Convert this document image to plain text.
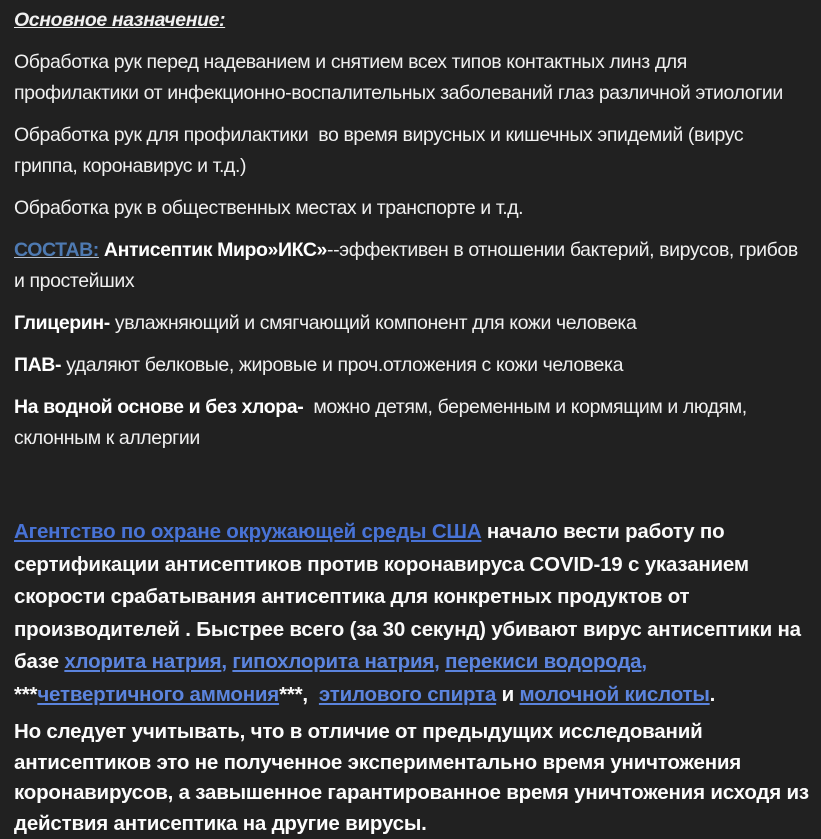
Основное назначение:

Обработка рук перед надеванием и снятием всех типов контактных линз для профилактики от инфекционно-воспалительных заболеваний глаз различной этиологии

Обработка рук для профилактики  во время вирусных и кишечных эпидемий (вирус гриппа, коронавирус и т.д.)

Обработка рук в общественных местах и транспорте и т.д.

СОСТАВ: Антисептик Миро»ИКС»--эффективен в отношении бактерий, вирусов, грибов и простейших

Глицерин- увлажняющий и смягчающий компонент для кожи человека

ПАВ- удаляют белковые, жировые и проч.отложения с кожи человека

На водной основе и без хлора-  можно детям, беременным и кормящим и людям, склонным к аллергии

Агентство по охране окружающей среды США начало вести работу по сертификации антисептиков против коронавируса COVID-19 с указанием скорости срабатывания антисептика для конкретных продуктов от производителей . Быстрее всего (за 30 секунд) убивают вирус антисептики на базе хлорита натрия, гипохлорита натрия, перекиси водорода, ***четвертичного аммония***,  этилового спирта и молочной кислоты.
Но следует учитывать, что в отличие от предыдущих исследований антисептиков это не полученное экспериментально время уничтожения коронавирусов, а завышенное гарантированное время уничтожения исходя из действия антисептика на другие вирусы.
